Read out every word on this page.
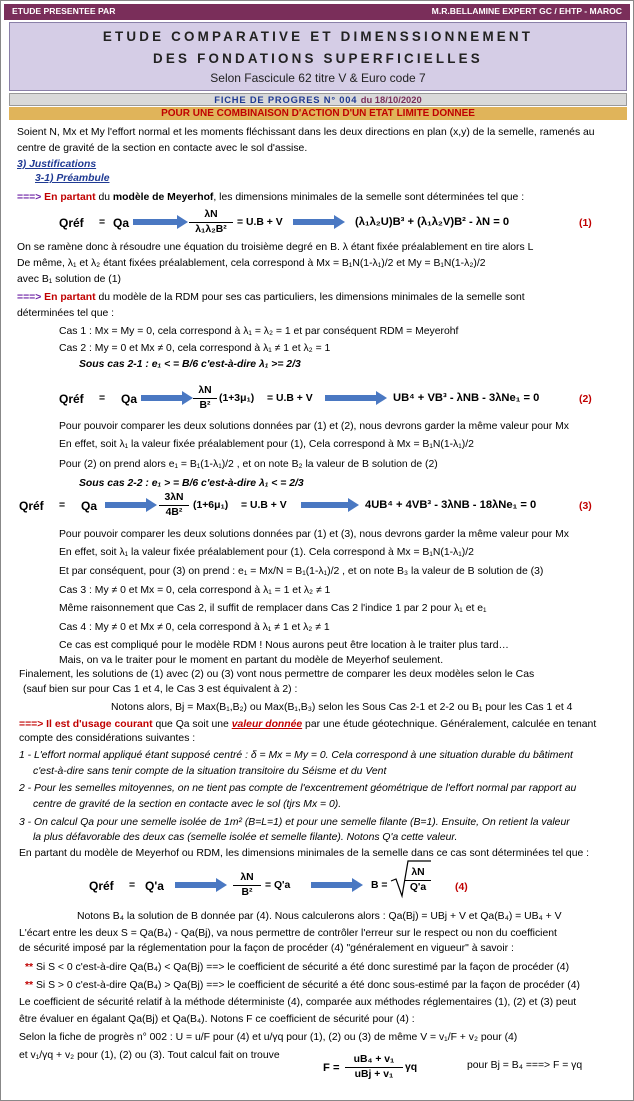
ETUDE PRESENTEE PAR	M.R.BELLAMINE EXPERT GC / EHTP - MAROC
ETUDE COMPARATIVE ET DIMENSSIONNEMENT
DES FONDATIONS SUPERFICIELLES
Selon Fascicule 62 titre V & Euro code 7
FICHE DE PROGRES N° 004 du 18/10/2020
POUR UNE COMBINAISON D'ACTION D'UN ETAT LIMITE DONNEE
Soient N, Mx et My l'effort normal et les moments fléchissant dans les deux directions en plan (x,y) de la semelle, ramenés au
centre de gravité de la section en contacte avec le sol d'assise.
3) Justifications
3-1) Préambule
===> En partant du modèle de Meyerhof, les dimensions minimales de la semelle sont déterminées tel que :
Qréf = Qa	$\frac{\lambda N}{\text{λ₁λ₂B²}} = U.B + V$	(λ₁λ₂U)B³ + (λ₁λ₂V)B² - λN = 0	(1)
On se ramène donc à résoudre une équation du troisième degré en B. λ étant fixée préalablement en tire alors L
De même, λ₁ et λ₂ étant fixées préalablement, cela correspond à Mx = B₁N(1-λ₁)/2 et My = B₁N(1-λ₂)/2
avec B₁ solution de (1)
===> En partant du modèle de la RDM pour ses cas particuliers, les dimensions minimales de la semelle sont
déterminées tel que :
Cas 1 : Mx = My = 0, cela correspond à λ₁ = λ₂ = 1 et par conséquent RDM = Meyerohf
Cas 2 : My = 0 et Mx ≠ 0, cela correspond à λ₁ ≠ 1 et λ₂ = 1
Sous cas 2-1 : e₁ < = B/6 c'est-à-dire λ₁ >= 2/3
Qréf = Qa	$\frac{\lambda N}{\text{B²}} (1+3\mu_1) = U.B + V$	UB⁴ + VB³ - λNB - 3λNe₁ = 0	(2)
Pour pouvoir comparer les deux solutions données par (1) et (2), nous devrons garder la même valeur pour Mx
En effet, soit λ₁ la valeur fixée préalablement pour (1), Cela correspond à Mx = B₁N(1-λ₁)/2
Pour (2) on prend alors e₁ = B₁(1-λ₁)/2 , et on note B₂ la valeur de B solution de (2)
Sous cas 2-2 : e₁ > = B/6 c'est-à-dire λ₁ < = 2/3
Qréf = Qa	$\frac{3\lambda N}{\text{4B²}} (1+6\mu_1) = U.B + V$	4UB⁴ + 4VB³ - 3λNB - 18λNe₁ = 0	(3)
Pour pouvoir comparer les deux solutions données par (1) et (3), nous devrons garder la même valeur pour Mx
En effet, soit λ₁ la valeur fixée préalablement pour (1). Cela correspond à Mx = B₁N(1-λ₁)/2
Et par conséquent, pour (3) on prend : e₁ = Mx/N = B₁(1-λ₁)/2 , et on note B₃ la valeur de B solution de (3)
Cas 3 : My ≠ 0 et Mx = 0, cela correspond à λ₁ = 1 et λ₂ ≠ 1
Même raisonnement que Cas 2, il suffit de remplacer dans Cas 2 l'indice 1 par 2 pour λ₁ et e₁
Cas 4 : My ≠ 0 et Mx ≠ 0, cela correspond à λ₁ ≠ 1 et λ₂ ≠ 1
Ce cas est compliqué pour le modèle RDM ! Nous aurons peut être location à le traiter plus tard…
Mais, on va le traiter pour le moment en partant du modèle de Meyerhof seulement.
Finalement, les solutions de (1) avec (2) ou (3) vont nous permettre de comparer les deux modèles selon le Cas
(sauf bien sur pour Cas 1 et 4, le Cas 3 est équivalent à 2) :
Notons alors, Bj = Max(B₁,B₂) ou Max(B₁,B₃) selon les Sous Cas 2-1 et 2-2 ou B₁ pour les Cas 1 et 4
===> Il est d'usage courant que Qa soit une valeur donnée par une étude géotechnique. Généralement, calculée en tenant
compte des considérations suivantes :
1 - L'effort normal appliqué étant supposé centré : δ = Mx = My = 0. Cela correspond à une situation durable du bâtiment
c'est-à-dire sans tenir compte de la situation transitoire du Séisme et du Vent
2 - Pour les semelles mitoyennes, on ne tient pas compte de l'excentrement géométrique de l'effort normal par rapport au
centre de gravité de la section en contacte avec le sol (tjrs Mx = 0).
3 - On calcul Qa pour une semelle isolée de 1m² (B=L=1) et pour une semelle filante (B=1). Ensuite, On retient la valeur
la plus défavorable des deux cas (semelle isolée et semelle filante). Notons Q'a cette valeur.
En partant du modèle de Meyerhof ou RDM, les dimensions minimales de la semelle dans ce cas sont déterminées tel que :
Qréf = Q'a	$\frac{\lambda N}{\text{B²}} = Q'a$	$B = \frac{\lambda N}{Q'a} (4)$
Notons B₄ la solution de B donnée par (4). Nous calculerons alors : Qa(Bj) = UBj + V et Qa(B₄) = UB₄ + V
L'écart entre les deux S = Qa(B₄) - Qa(Bj), va nous permettre de contrôler l'erreur sur le respect ou non du coefficient
de sécurité imposé par la réglementation pour la façon de procéder (4) "généralement en vigueur" à savoir :
** Si S < 0 c'est-à-dire Qa(B₄) < Qa(Bj) ==> le coefficient de sécurité a été donc surestimé par la façon de procéder (4)
** Si S > 0 c'est-à-dire Qa(B₄) > Qa(Bj) ==> le coefficient de sécurité a été donc sous-estimé par la façon de procéder (4)
Le coefficient de sécurité relatif à la méthode déterministe (4), comparée aux méthodes réglementaires (1), (2) et (3) peut
être évaluer en égalant Qa(Bj) et Qa(B₄). Notons F ce coefficient de sécurité pour (4) :
Selon la fiche de progrès n° 002 : U = u/F pour (4) et u/γq pour (1), (2) ou (3) de même V = v₁/F + v₂ pour (4)
et v₁/γq + v₂ pour (1), (2) ou (3). Tout calcul fait on trouve
F =
uB₄ + v₁
uBj + v₁
γq	pour Bj = B₄ ===> F = γq
